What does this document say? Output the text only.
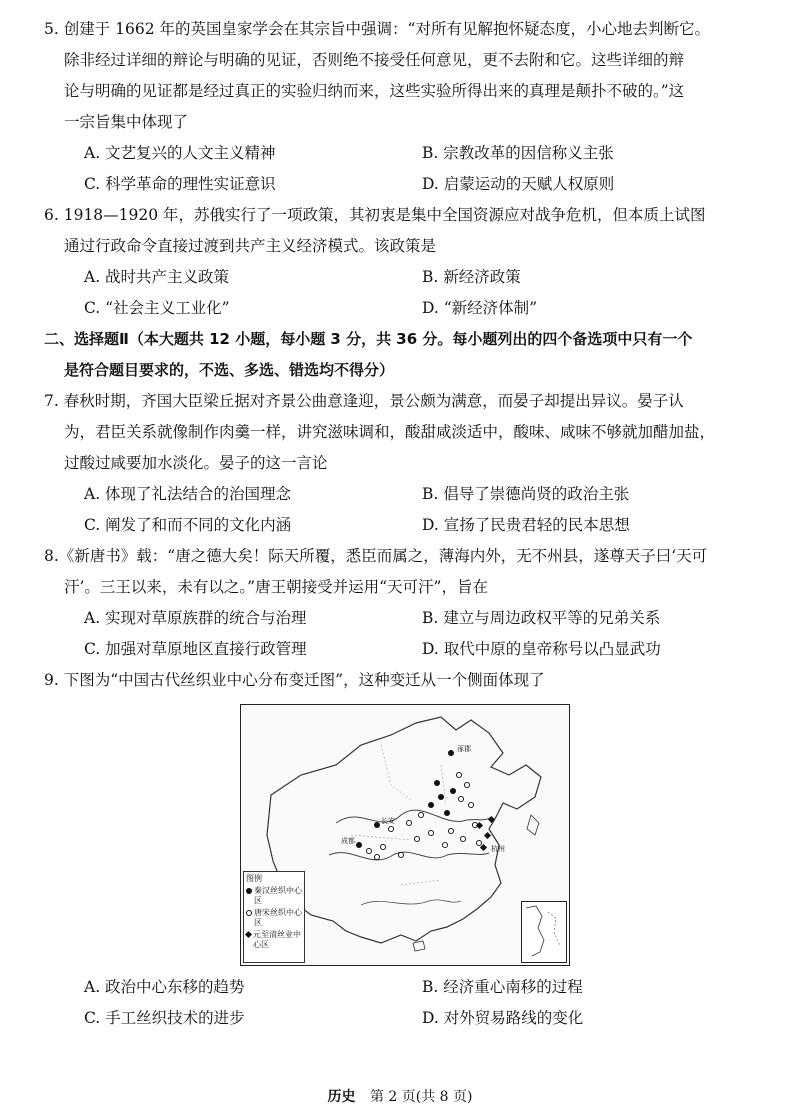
5. 创建于 1662 年的英国皇家学会在其宗旨中强调：“对所有见解抱怀疑态度，小心地去判断它。
除非经过详细的辩论与明确的见证，否则绝不接受任何意见，更不去附和它。这些详细的辩
论与明确的见证都是经过真正的实验归纳而来，这些实验所得出来的真理是颠扑不破的。”这
一宗旨集中体现了
A. 文艺复兴的人文主义精神	B. 宗教改革的因信称义主张
C. 科学革命的理性实证意识	D. 启蒙运动的天赋人权原则
6. 1918—1920 年，苏俄实行了一项政策，其初衷是集中全国资源应对战争危机，但本质上试图
通过行政命令直接过渡到共产主义经济模式。该政策是
A. 战时共产主义政策	B. 新经济政策
C. “社会主义工业化”	D. “新经济体制”
二、选择题Ⅱ（本大题共 12 小题，每小题 3 分，共 36 分。每小题列出的四个备选项中只有一个
是符合题目要求的，不选、多选、错选均不得分）
7. 春秋时期，齐国大臣梁丘据对齐景公曲意逢迎，景公颇为满意，而晏子却提出异议。晏子认
为，君臣关系就像制作肉羹一样，讲究滋味调和，酸甜咸淡适中，酸味、咸味不够就加醋加盐，
过酸过咸要加水淡化。晏子的这一言论
A. 体现了礼法结合的治国理念	B. 倡导了崇德尚贤的政治主张
C. 阐发了和而不同的文化内涵	D. 宣扬了民贵君轻的民本思想
8.《新唐书》载：“唐之德大矣！际天所覆，悉臣而属之，薄海内外，无不州县，遂尊天子曰‘天可
汗’。三王以来，未有以之。”唐王朝接受并运用“天可汗”，旨在
A. 实现对草原族群的统合与治理	B. 建立与周边政权平等的兄弟关系
C. 加强对草原地区直接行政管理	D. 取代中原的皇帝称号以凸显武功
9. 下图为“中国古代丝织业中心分布变迁图”，这种变迁从一个侧面体现了
涿郡
长安
成都
杭州
图例
秦汉丝织中心区
唐宋丝织中心区
元至清丝业中心区
A. 政治中心东移的趋势	B. 经济重心南移的过程
C. 手工丝织技术的进步	D. 对外贸易路线的变化
历史 第 2 页(共 8 页)
